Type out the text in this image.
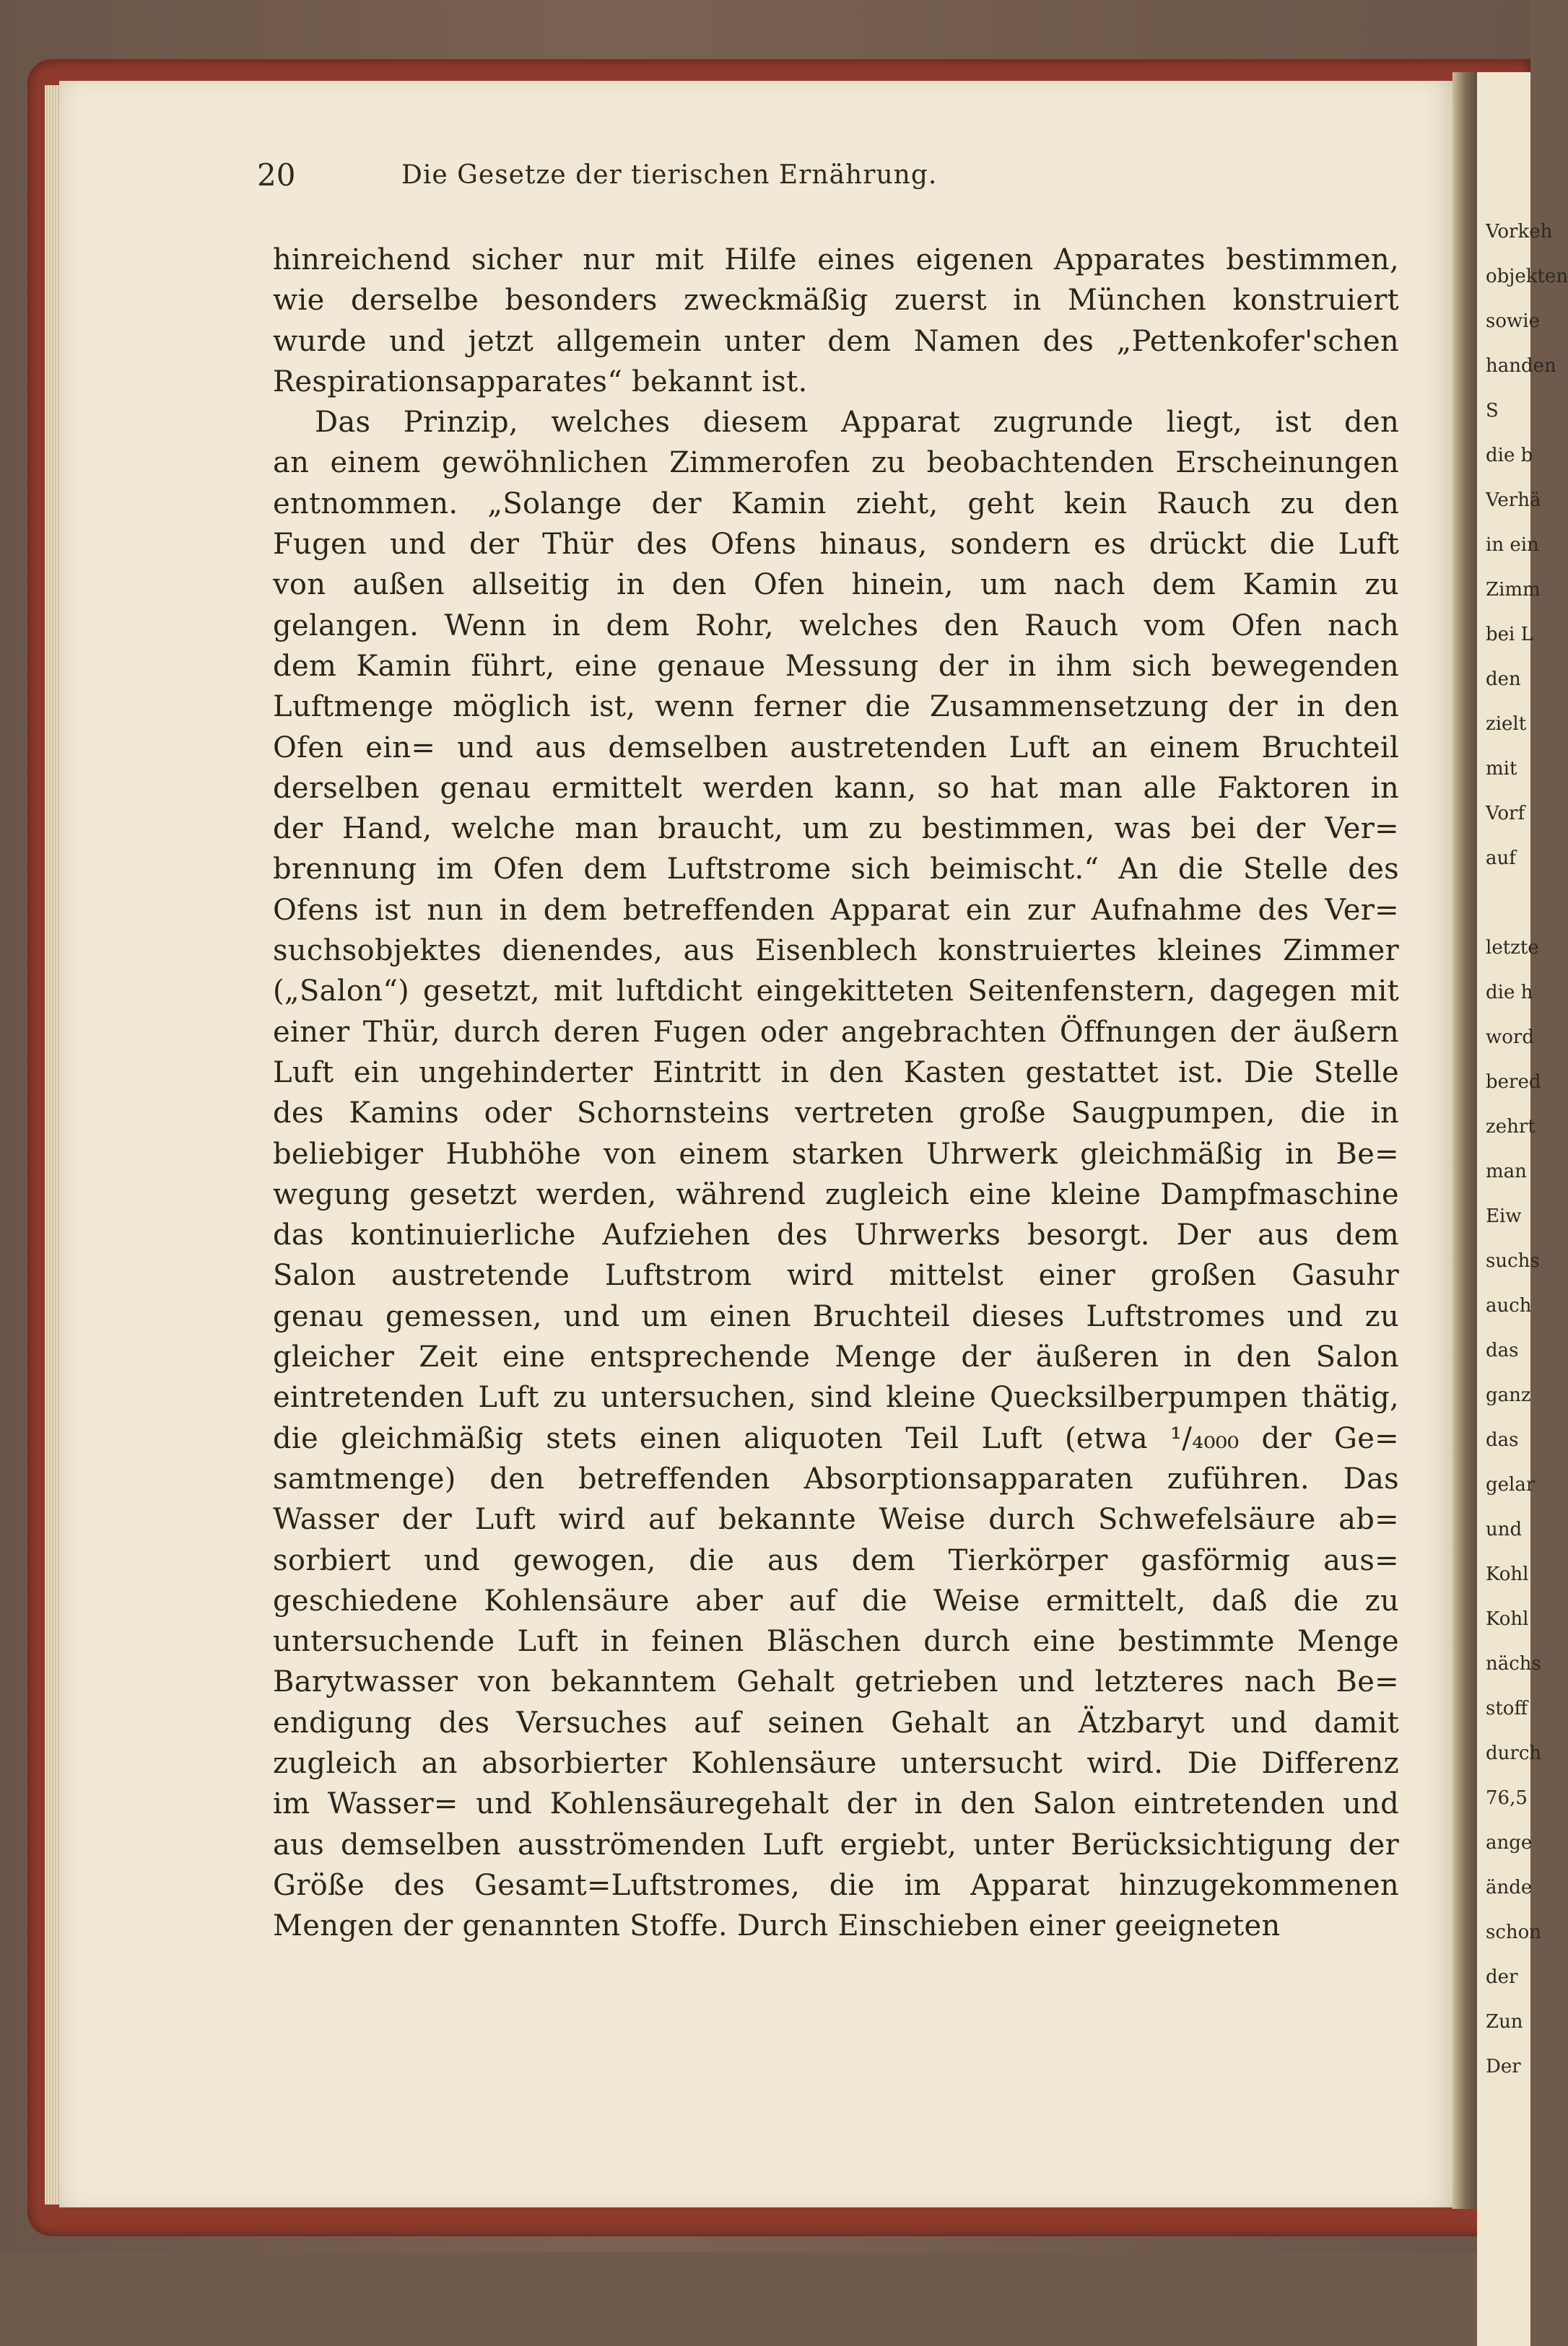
20	Die Gesetze der tierischen Ernährung.
hinreichend sicher nur mit Hilfe eines eigenen Apparates bestimmen,
wie derselbe besonders zweckmäßig zuerst in München konstruiert
wurde und jetzt allgemein unter dem Namen des „Pettenkofer'schen
Respirationsapparates“ bekannt ist.
Das Prinzip, welches diesem Apparat zugrunde liegt, ist den
an einem gewöhnlichen Zimmerofen zu beobachtenden Erscheinungen
entnommen. „Solange der Kamin zieht, geht kein Rauch zu den
Fugen und der Thür des Ofens hinaus, sondern es drückt die Luft
von außen allseitig in den Ofen hinein, um nach dem Kamin zu
gelangen. Wenn in dem Rohr, welches den Rauch vom Ofen nach
dem Kamin führt, eine genaue Messung der in ihm sich bewegenden
Luftmenge möglich ist, wenn ferner die Zusammensetzung der in den
Ofen ein= und aus demselben austretenden Luft an einem Bruchteil
derselben genau ermittelt werden kann, so hat man alle Faktoren in
der Hand, welche man braucht, um zu bestimmen, was bei der Ver=
brennung im Ofen dem Luftstrome sich beimischt.“ An die Stelle des
Ofens ist nun in dem betreffenden Apparat ein zur Aufnahme des Ver=
suchsobjektes dienendes, aus Eisenblech konstruiertes kleines Zimmer
(„Salon“) gesetzt, mit luftdicht eingekitteten Seitenfenstern, dagegen mit
einer Thür, durch deren Fugen oder angebrachten Öffnungen der äußern
Luft ein ungehinderter Eintritt in den Kasten gestattet ist. Die Stelle
des Kamins oder Schornsteins vertreten große Saugpumpen, die in
beliebiger Hubhöhe von einem starken Uhrwerk gleichmäßig in Be=
wegung gesetzt werden, während zugleich eine kleine Dampfmaschine
das kontinuierliche Aufziehen des Uhrwerks besorgt. Der aus dem
Salon austretende Luftstrom wird mittelst einer großen Gasuhr
genau gemessen, und um einen Bruchteil dieses Luftstromes und zu
gleicher Zeit eine entsprechende Menge der äußeren in den Salon
eintretenden Luft zu untersuchen, sind kleine Quecksilberpumpen thätig,
die gleichmäßig stets einen aliquoten Teil Luft (etwa ¹/₄₀₀₀ der Ge=
samtmenge) den betreffenden Absorptionsapparaten zuführen. Das
Wasser der Luft wird auf bekannte Weise durch Schwefelsäure ab=
sorbiert und gewogen, die aus dem Tierkörper gasförmig aus=
geschiedene Kohlensäure aber auf die Weise ermittelt, daß die zu
untersuchende Luft in feinen Bläschen durch eine bestimmte Menge
Barytwasser von bekanntem Gehalt getrieben und letzteres nach Be=
endigung des Versuches auf seinen Gehalt an Ätzbaryt und damit
zugleich an absorbierter Kohlensäure untersucht wird. Die Differenz
im Wasser= und Kohlensäuregehalt der in den Salon eintretenden und
aus demselben ausströmenden Luft ergiebt, unter Berücksichtigung der
Größe des Gesamt=Luftstromes, die im Apparat hinzugekommenen
Mengen der genannten Stoffe. Durch Einschieben einer geeigneten
Vorkeh
objekten
sowie
handen
S
die b
Verhä
in ein
Zimm
bei L
den
zielt
mit
Vorf
auf
letzte
die h
word
bered
zehrt
man
Eiw
suchs
auch
das
ganz
das
gelar
und
Kohl
Kohl
nächs
stoff
durch
76,5
ange
ände
schon
der
Zun
Der
